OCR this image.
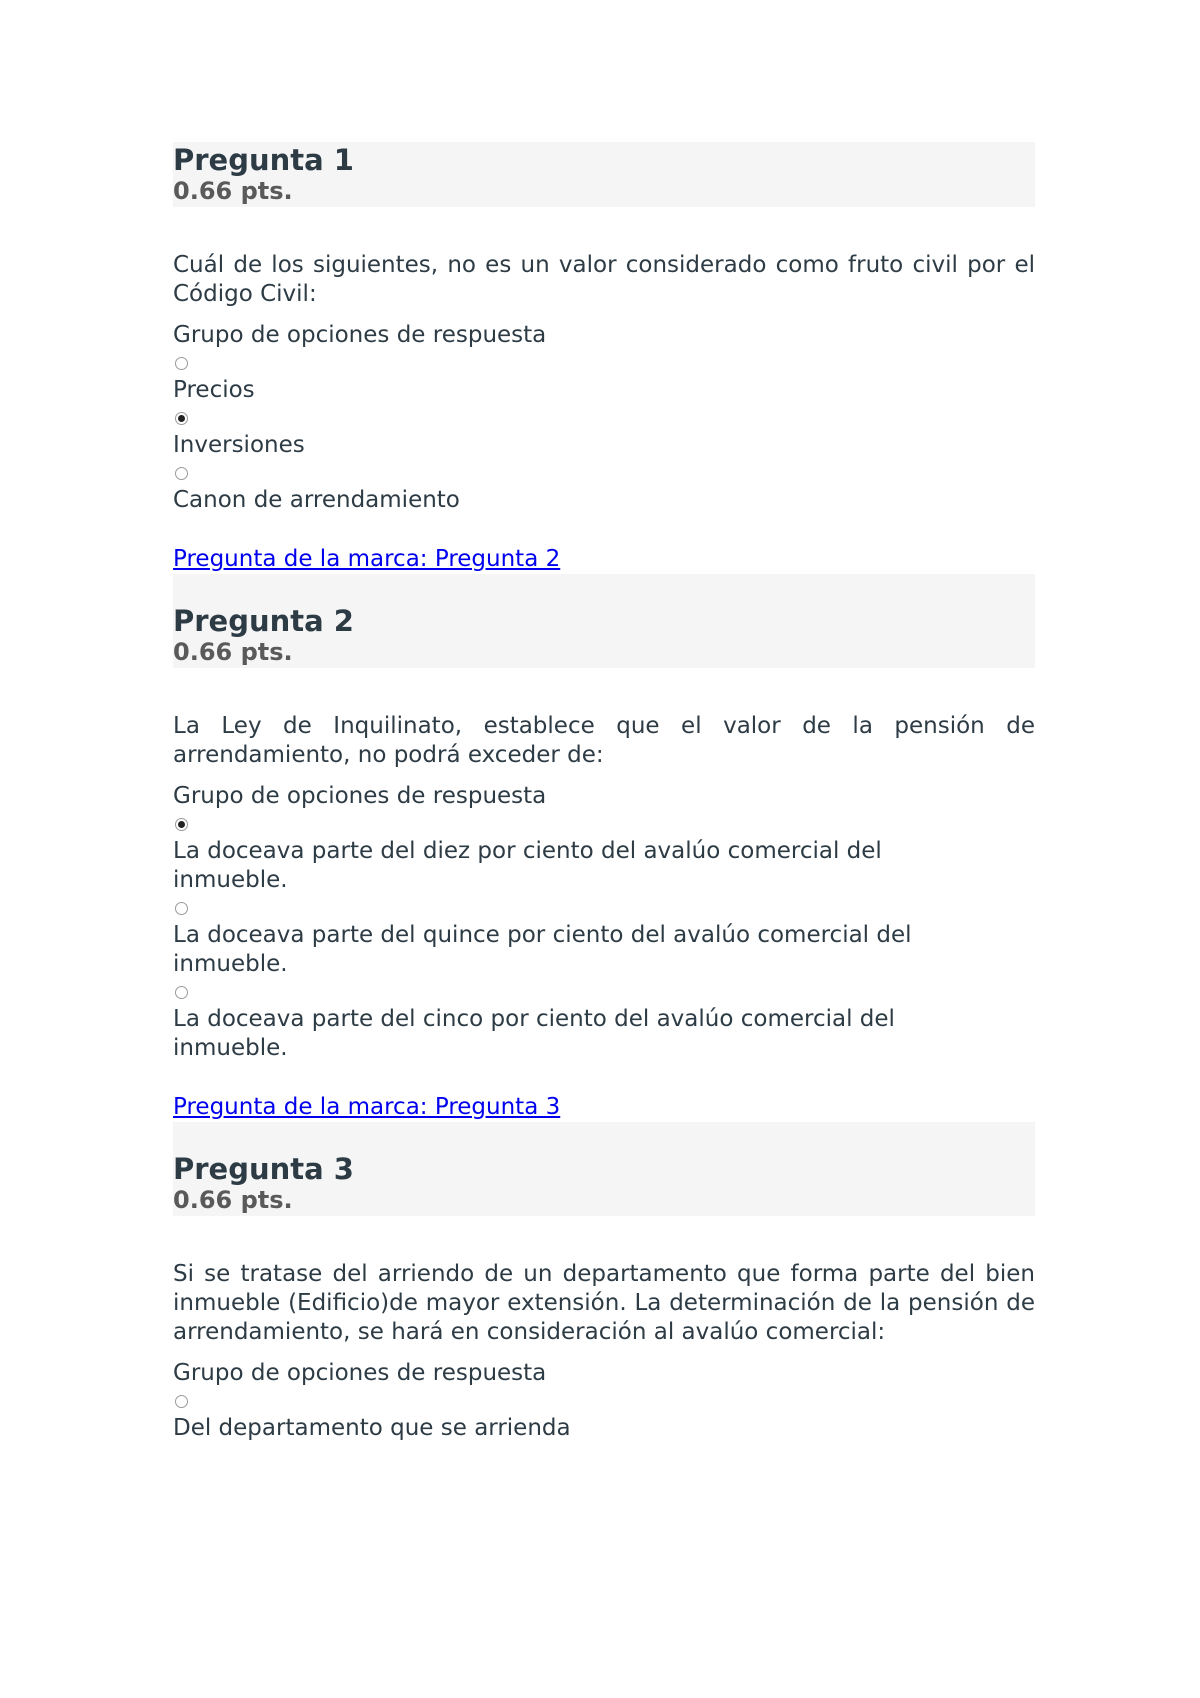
Pregunta 1
0.66 pts.

Cuál de los siguientes, no es un valor considerado como fruto civil por el Código Civil:

Grupo de opciones de respuesta

Precios
Inversiones
Canon de arrendamiento
Pregunta de la marca: Pregunta 2
Pregunta 2
0.66 pts.

La Ley de Inquilinato, establece que el valor de la pensión de arrendamiento, no podrá exceder de:

Grupo de opciones de respuesta

La doceava parte del diez por ciento del avalúo comercial del inmueble.
La doceava parte del quince por ciento del avalúo comercial del inmueble.
La doceava parte del cinco por ciento del avalúo comercial del inmueble.
Pregunta de la marca: Pregunta 3
Pregunta 3
0.66 pts.

Si se tratase del arriendo de un departamento que forma parte del bien inmueble (Edificio)de mayor extensión. La determinación de la pensión de arrendamiento, se hará en consideración al avalúo comercial:

Grupo de opciones de respuesta

Del departamento que se arrienda
